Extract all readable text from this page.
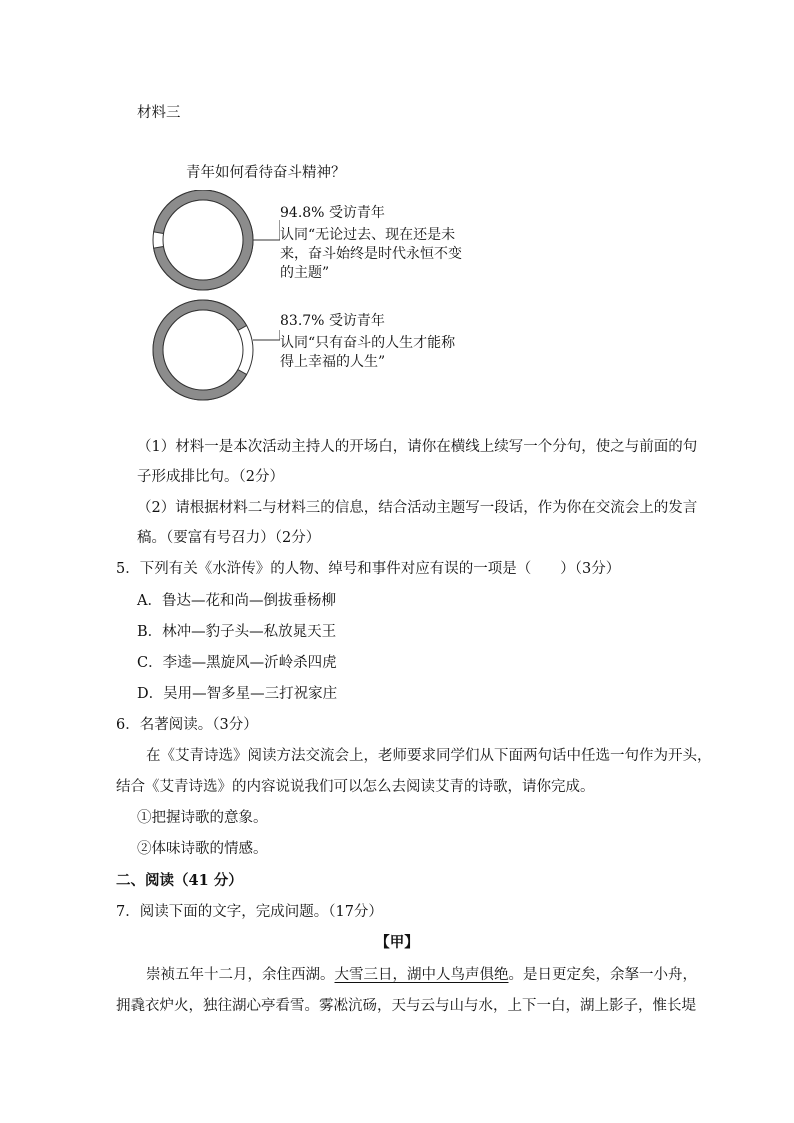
材料三
青年如何看待奋斗精神？
94.8% 受访青年
认同“无论过去、现在还是未
来，奋斗始终是时代永恒不变
的主题”
83.7% 受访青年
认同“只有奋斗的人生才能称
得上幸福的人生”
（1）材料一是本次活动主持人的开场白，请你在横线上续写一个分句，使之与前面的句
子形成排比句。（2分）
（2）请根据材料二与材料三的信息，结合活动主题写一段话，作为你在交流会上的发言
稿。（要富有号召力）（2分）
5．下列有关《水浒传》的人物、绰号和事件对应有误的一项是（　　）（3分）
A．鲁达—花和尚—倒拔垂杨柳
B．林冲—豹子头—私放晁天王
C．李逵—黑旋风—沂岭杀四虎
D．吴用—智多星—三打祝家庄
6．名著阅读。（3分）
在《艾青诗选》阅读方法交流会上，老师要求同学们从下面两句话中任选一句作为开头，
结合《艾青诗选》的内容说说我们可以怎么去阅读艾青的诗歌，请你完成。
①把握诗歌的意象。
②体味诗歌的情感。
二、阅读（41 分）
7．阅读下面的文字，完成问题。（17分）
【甲】
崇祯五年十二月，余住西湖。大雪三日，湖中人鸟声俱绝。是日更定矣，余拏一小舟，
拥毳衣炉火，独往湖心亭看雪。雾凇沆砀，天与云与山与水，上下一白，湖上影子，惟长堤
